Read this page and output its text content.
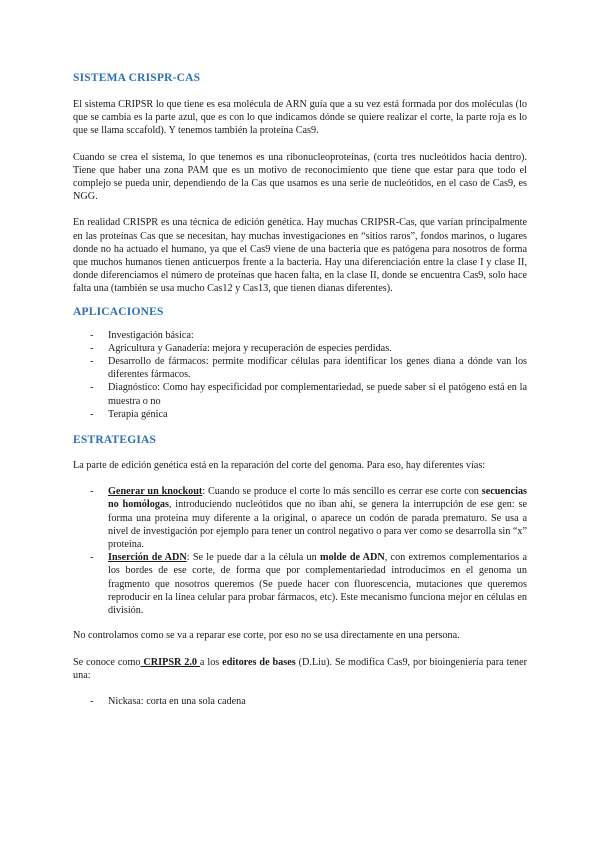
SISTEMA CRISPR-CAS

El sistema CRIPSR lo que tiene es esa molécula de ARN guía que a su vez está formada por dos moléculas (lo que se cambia es la parte azul, que es con lo que indicamos dónde se quiere realizar el corte, la parte roja es lo que se llama sccafold). Y tenemos también la proteína Cas9.

Cuando se crea el sistema, lo que tenemos es una ribonucleoproteínas, (corta tres nucleótidos hacia dentro). Tiene que haber una zona PAM que es un motivo de reconocimiento que tiene que estar para que todo el complejo se pueda unir, dependiendo de la Cas que usamos es una serie de nucleótidos, en el caso de Cas9, es NGG.

En realidad CRISPR es una técnica de edición genética. Hay muchas CRIPSR-Cas, que varían principalmente en las proteínas Cas que se necesitan, hay muchas investigaciones en “sitios raros”, fondos marinos, o lugares donde no ha actuado el humano, ya que el Cas9 viene de una bacteria que es patógena para nosotros de forma que muchos humanos tienen anticuerpos frente a la bacteria. Hay una diferenciación entre la clase I y clase II, donde diferenciamos el número de proteínas que hacen falta, en la clase II, donde se encuentra Cas9, solo hace falta una (también se usa mucho Cas12 y Cas13, que tienen dianas diferentes).

APLICACIONES
- Investigación básica:
- Agricultura y Ganadería: mejora y recuperación de especies perdidas.
- Desarrollo de fármacos: permite modificar células para identificar los genes diana a dónde van los diferentes fármacos.
- Diagnóstico: Como hay especificidad por complementariedad, se puede saber si el patógeno está en la muestra o no
- Terapia génica
ESTRATEGIAS

La parte de edición genética está en la reparación del corte del genoma. Para eso, hay diferentes vías:

- Generar un knockout: Cuando se produce el corte lo más sencillo es cerrar ese corte con secuencias no homólogas, introduciendo nucleótidos que no iban ahí, se genera la interrupción de ese gen: se forma una proteína muy diferente a la original, o aparece un codón de parada prematuro. Se usa a nivel de investigación por ejemplo para tener un control negativo o para ver como se desarrolla sin “x” proteína.
- Inserción de ADN: Se le puede dar a la célula un molde de ADN, con extremos complementarios a los bordes de ese corte, de forma que por complementariedad introducimos en el genoma un fragmento que nosotros queremos (Se puede hacer con fluorescencia, mutaciones que queremos reproducir en la línea celular para probar fármacos, etc). Este mecanismo funciona mejor en células en división.

No controlamos como se va a reparar ese corte, por eso no se usa directamente en una persona.

Se conoce como CRIPSR 2.0 a los editores de bases (D.Liu). Se modifica Cas9, por bioingeniería para tener una:

- Nickasa: corta en una sola cadena
